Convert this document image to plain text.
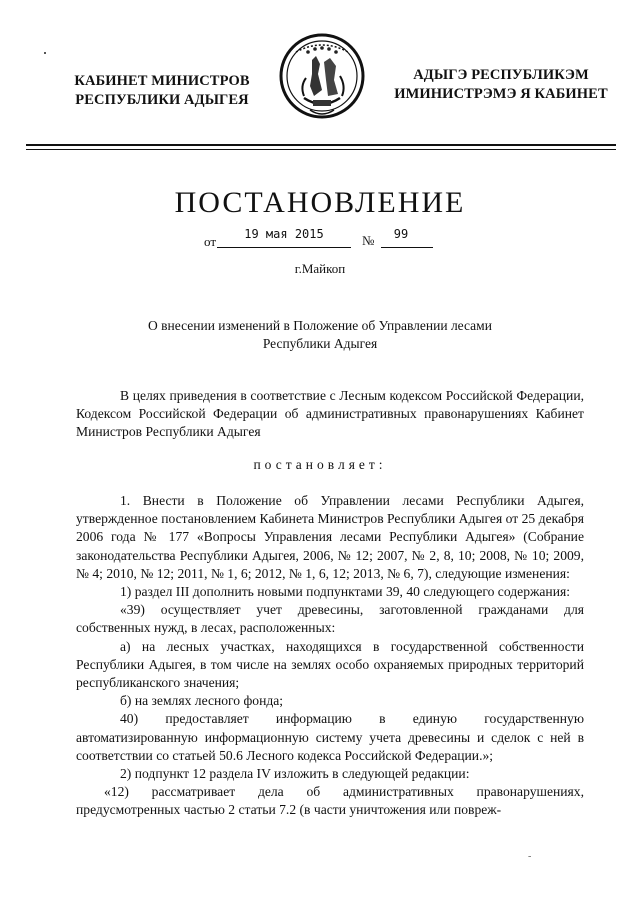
КАБИНЕТ МИНИСТРОВ
РЕСПУБЛИКИ АДЫГЕЯ
АДЫГЭ РЕСПУБЛИКЭМ
ИМИНИСТРЭМЭ Я КАБИНЕТ
ПОСТАНОВЛЕНИЕ
от	19 мая 2015	№	99
г.Майкоп
О внесении изменений в Положение об Управлении лесами
Республики Адыгея

В целях приведения в соответствие с Лесным кодексом Российской Федерации, Кодексом Российской Федерации об административных правонарушениях Кабинет Министров Республики Адыгея

постановляет:

1. Внести в Положение об Управлении лесами Республики Адыгея, утвержденное постановлением Кабинета Министров Республики Адыгея от 25 декабря 2006 года № 177 «Вопросы Управления лесами Республики Адыгея» (Собрание законодательства Республики Адыгея, 2006, № 12; 2007, № 2, 8, 10; 2008, № 10; 2009, № 4; 2010, № 12; 2011, № 1, 6; 2012, № 1, 6, 12; 2013, № 6, 7), следующие изменения:

1) раздел III дополнить новыми подпунктами 39, 40 следующего содержания:

«39) осуществляет учет древесины, заготовленной гражданами для собственных нужд, в лесах, расположенных:

а) на лесных участках, находящихся в государственной собственности Республики Адыгея, в том числе на землях особо охраняемых природных территорий республиканского значения;

б) на землях лесного фонда;

40) предоставляет информацию в единую государственную автоматизированную информационную систему учета древесины и сделок с ней в соответствии со статьей 50.6 Лесного кодекса Российской Федерации.»;

2) подпункт 12 раздела IV изложить в следующей редакции:

«12) рассматривает дела об административных правонарушениях, предусмотренных частью 2 статьи 7.2 (в части уничтожения или повреж-

-
